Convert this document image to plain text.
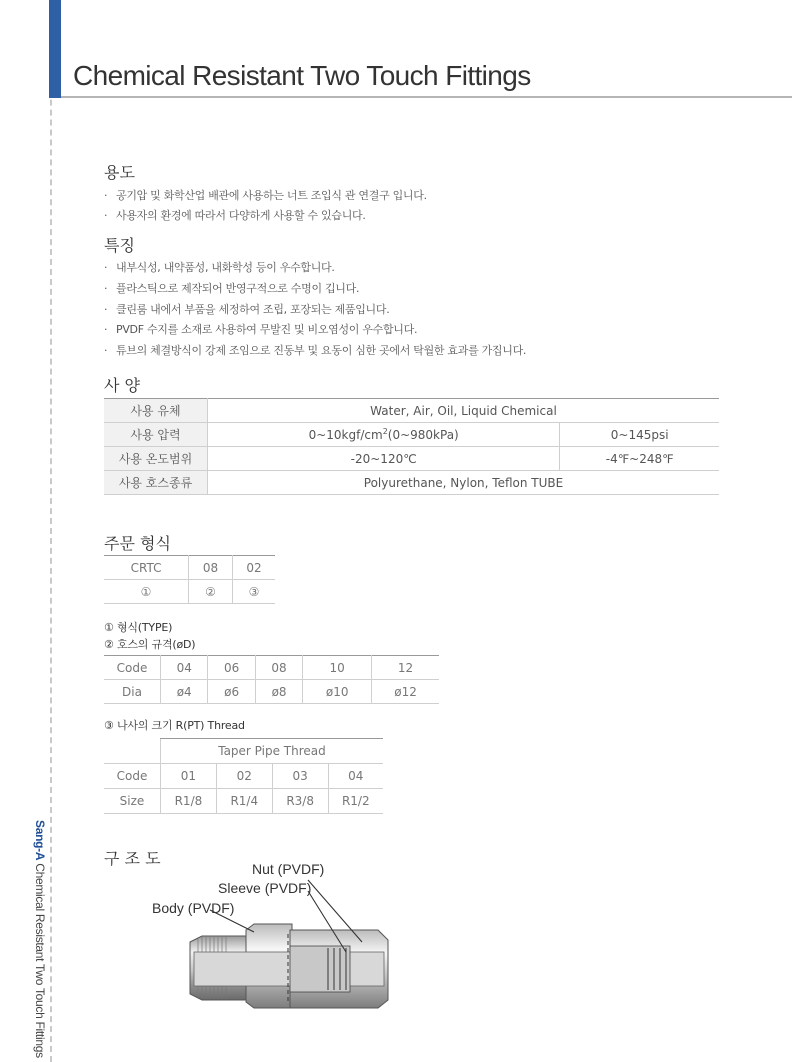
Chemical Resistant Two Touch Fittings
Sang-A Chemical Resistant Two Touch Fittings
용도
· 공기압 및 화학산업 배관에 사용하는 너트 조입식 관 연결구 입니다.
· 사용자의 환경에 따라서 다양하게 사용할 수 있습니다.
특징
· 내부식성, 내약품성, 내화학성 등이 우수합니다.
· 플라스틱으로 제작되어 반영구적으로 수명이 깁니다.
· 클린룸 내에서 부품을 세정하여 조립, 포장되는 제품입니다.
· PVDF 수지를 소재로 사용하여 무발진 및 비오염성이 우수합니다.
· 튜브의 체결방식이 강제 조임으로 진동부 및 요동이 심한 곳에서 탁월한 효과를 가집니다.
사 양
사용 유체	Water, Air, Oil, Liquid Chemical	
사용 압력	$0\sim 10kgf/cm^2(0\sim 980kPa)$	0~145psi
사용 온도범위	-20~120℃	-4℉~248℉
사용 호스종류	Polyurethane, Nylon, Teflon TUBE	
주문 형식
CRTC	08	02
①	②	③

① 형식(TYPE)

② 호스의 규격(øD)

Code	04	06	08	10	12
Dia	ø4	ø6	ø8	ø10	ø12

③ 나사의 크기 R(PT) Thread

	Taper Pipe Thread			
Code	01	02	03	04
Size	R1/8	R1/4	R3/8	R1/2
구 조 도
Nut (PVDF)
Sleeve (PVDF)
Body (PVDF)
